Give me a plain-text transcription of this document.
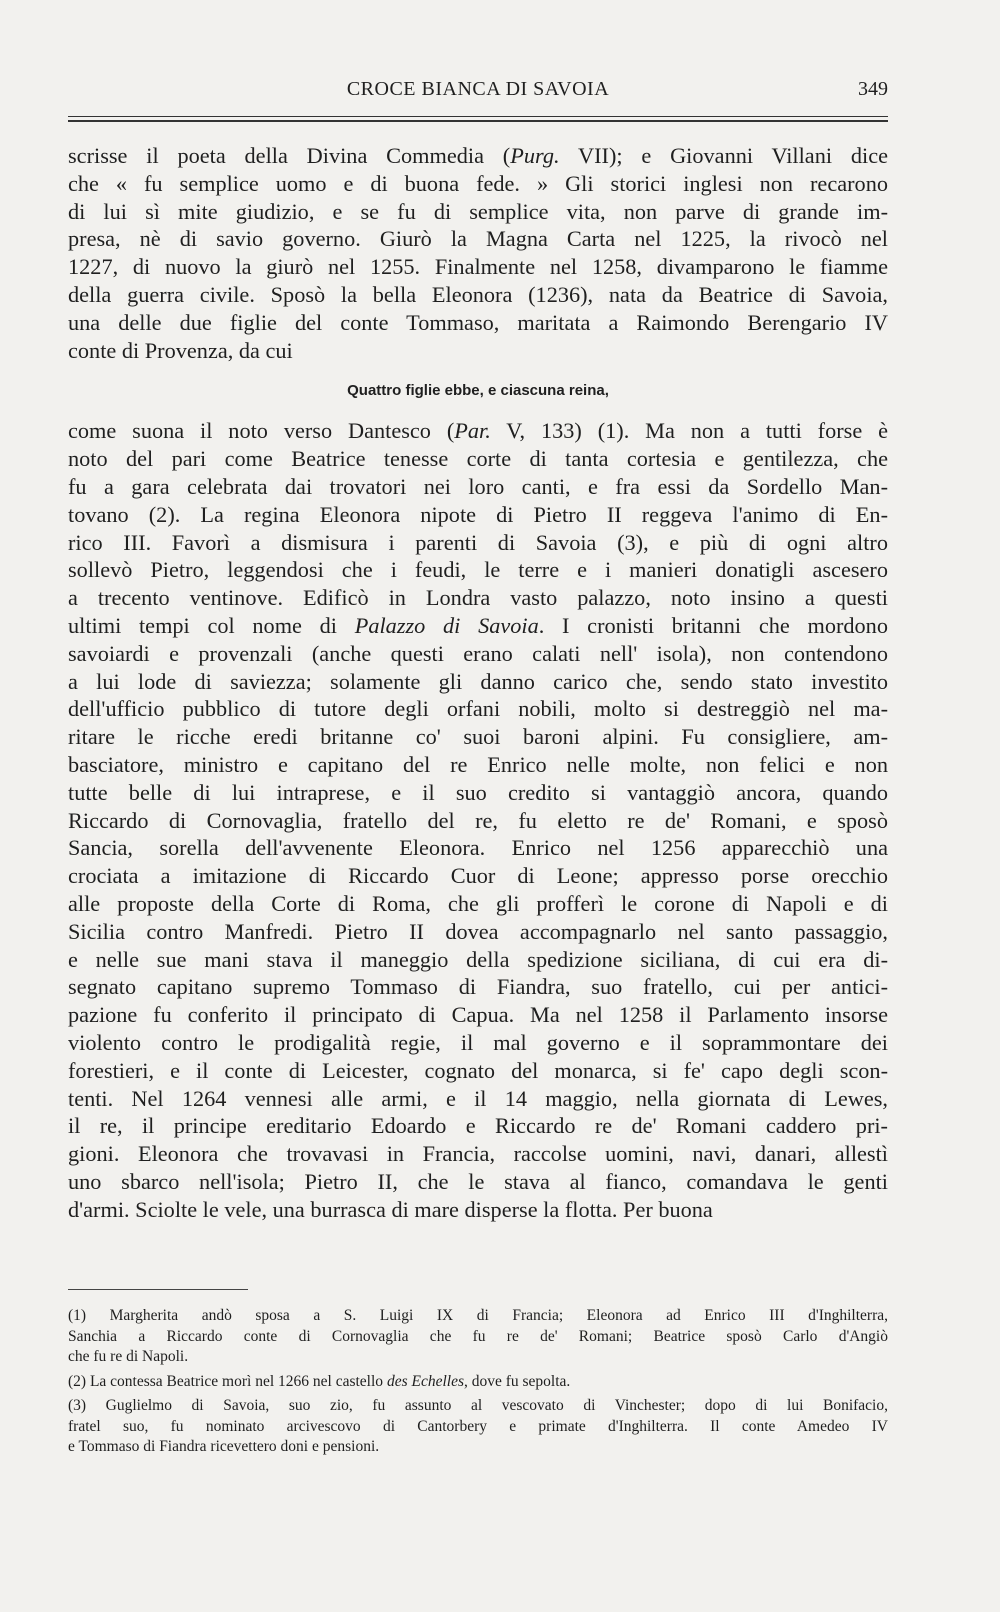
CROCE BIANCA DI SAVOIA	349
scrisse il poeta della Divina Commedia (Purg. VII); e Giovanni Villani dice
che « fu semplice uomo e di buona fede. » Gli storici inglesi non recarono
di lui sì mite giudizio, e se fu di semplice vita, non parve di grande im-
presa, nè di savio governo. Giurò la Magna Carta nel 1225, la rivocò nel
1227, di nuovo la giurò nel 1255. Finalmente nel 1258, divamparono le fiamme
della guerra civile. Sposò la bella Eleonora (1236), nata da Beatrice di Savoia,
una delle due figlie del conte Tommaso, maritata a Raimondo Berengario IV
conte di Provenza, da cui
Quattro figlie ebbe, e ciascuna reina,
come suona il noto verso Dantesco (Par. V, 133) (1). Ma non a tutti forse è
noto del pari come Beatrice tenesse corte di tanta cortesia e gentilezza, che
fu a gara celebrata dai trovatori nei loro canti, e fra essi da Sordello Man-
tovano (2). La regina Eleonora nipote di Pietro II reggeva l'animo di En-
rico III. Favorì a dismisura i parenti di Savoia (3), e più di ogni altro
sollevò Pietro, leggendosi che i feudi, le terre e i manieri donatigli ascesero
a trecento ventinove. Edificò in Londra vasto palazzo, noto insino a questi
ultimi tempi col nome di Palazzo di Savoia. I cronisti britanni che mordono
savoiardi e provenzali (anche questi erano calati nell' isola), non contendono
a lui lode di saviezza; solamente gli danno carico che, sendo stato investito
dell'ufficio pubblico di tutore degli orfani nobili, molto si destreggiò nel ma-
ritare le ricche eredi britanne co' suoi baroni alpini. Fu consigliere, am-
basciatore, ministro e capitano del re Enrico nelle molte, non felici e non
tutte belle di lui intraprese, e il suo credito si vantaggiò ancora, quando
Riccardo di Cornovaglia, fratello del re, fu eletto re de' Romani, e sposò
Sancia, sorella dell'avvenente Eleonora. Enrico nel 1256 apparecchiò una
crociata a imitazione di Riccardo Cuor di Leone; appresso porse orecchio
alle proposte della Corte di Roma, che gli profferì le corone di Napoli e di
Sicilia contro Manfredi. Pietro II dovea accompagnarlo nel santo passaggio,
e nelle sue mani stava il maneggio della spedizione siciliana, di cui era di-
segnato capitano supremo Tommaso di Fiandra, suo fratello, cui per antici-
pazione fu conferito il principato di Capua. Ma nel 1258 il Parlamento insorse
violento contro le prodigalità regie, il mal governo e il soprammontare dei
forestieri, e il conte di Leicester, cognato del monarca, si fe' capo degli scon-
tenti. Nel 1264 vennesi alle armi, e il 14 maggio, nella giornata di Lewes,
il re, il principe ereditario Edoardo e Riccardo re de' Romani caddero pri-
gioni. Eleonora che trovavasi in Francia, raccolse uomini, navi, danari, allestì
uno sbarco nell'isola; Pietro II, che le stava al fianco, comandava le genti
d'armi. Sciolte le vele, una burrasca di mare disperse la flotta. Per buona
(1) Margherita andò sposa a S. Luigi IX di Francia; Eleonora ad Enrico III d'Inghilterra,
Sanchia a Riccardo conte di Cornovaglia che fu re de' Romani; Beatrice sposò Carlo d'Angiò
che fu re di Napoli.
(2) La contessa Beatrice morì nel 1266 nel castello des Echelles, dove fu sepolta.
(3) Guglielmo di Savoia, suo zio, fu assunto al vescovato di Vinchester; dopo di lui Bonifacio,
fratel suo, fu nominato arcivescovo di Cantorbery e primate d'Inghilterra. Il conte Amedeo IV
e Tommaso di Fiandra ricevettero doni e pensioni.
